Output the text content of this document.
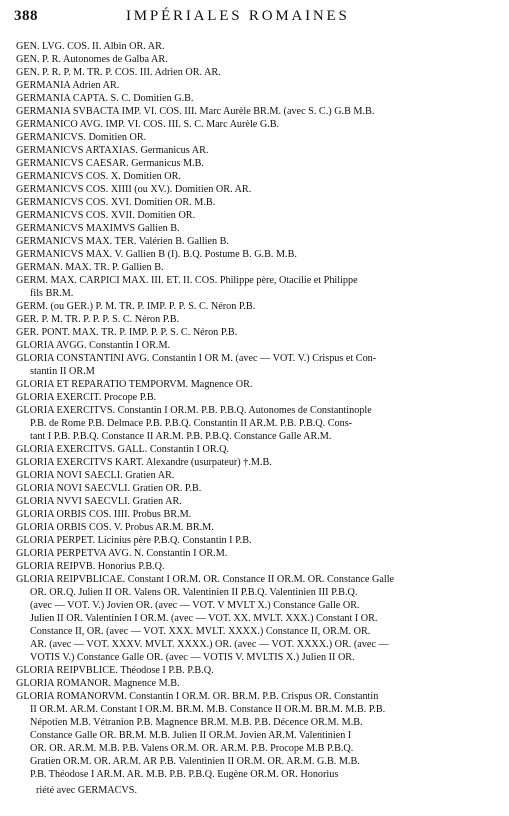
388	IMPÉRIALES ROMAINES
GEN. LVG. COS. II. Albin OR. AR.
GEN. P. R. Autonomes de Galba AR.
GEN. P. R. P. M. TR. P. COS. III. Adrien OR. AR.
GERMANIA Adrien AR.
GERMANIA CAPTA. S. C. Domitien G.B.
GERMANIA SVBACTA IMP. VI. COS. III. Marc Aurèle BR.M. (avec S. C.) G.B M.B.
GERMANICO AVG. IMP. VI. COS. III. S. C. Marc Aurèle G.B.
GERMANICVS. Domitien OR.
GERMANICVS ARTAXIAS. Germanicus AR.
GERMANICVS CAESAR. Germanicus M.B.
GERMANICVS COS. X. Domitien OR.
GERMANICVS COS. XIIII (ou XV.). Domitien OR. AR.
GERMANICVS COS. XVI. Domitien OR. M.B.
GERMANICVS COS. XVII. Domitien OR.
GERMANICVS MAXIMVS Gallien B.
GERMANICVS MAX. TER. Valérien B. Gallien B.
GERMANICVS MAX. V. Gallien B (I). B.Q. Postume B. G.B. M.B.
GERMAN. MAX. TR. P. Gallien B.
GERM. MAX. CARPICI MAX. III. ET. II. COS. Philippe père, Otacilie et Philippe
fils BR.M.
GERM. (ou GER.) P. M. TR. P. IMP. P. P. S. C. Néron P.B.
GER. P. M. TR. P. P. P. S. C. Néron P.B.
GER. PONT. MAX. TR. P. IMP. P. P. S. C. Néron P.B.
GLORIA AVGG. Constantin I OR.M.
GLORIA CONSTANTINI AVG. Constantin I OR M. (avec — VOT. V.) Crispus et Con-
stantin II OR.M
GLORIA ET REPARATIO TEMPORVM. Magnence OR.
GLORIA EXERCIT. Procope P.B.
GLORIA EXERCITVS. Constantin I OR.M. P.B. P.B.Q. Autonomes de Constantinople
P.B. de Rome P.B. Delmace P.B. P.B.Q. Constantin II AR.M. P.B. P.B.Q. Cons-
tant I P.B. P.B.Q. Constance II AR.M. P.B. P.B.Q. Constance Galle AR.M.
GLORIA EXERCITVS. GALL. Constantin I OR.Q.
GLORIA EXERCITVS KART. Alexandre (usurpateur) †.M.B.
GLORIA NOVI SAECLI. Gratien AR.
GLORIA NOVI SAECVLI. Gratien OR. P.B.
GLORIA NVVI SAECVLI. Gratien AR.
GLORIA ORBIS COS. IIII. Probus BR.M.
GLORIA ORBIS COS. V. Probus AR.M. BR.M.
GLORIA PERPET. Licinius père P.B.Q. Constantin I P.B.
GLORIA PERPETVA AVG. N. Constantin I OR.M.
GLORIA REIPVB. Honorius P.B.Q.
GLORIA REIPVBLICAE. Constant I OR.M. OR. Constance II OR.M. OR. Constance Galle
OR. OR.Q. Julien II OR. Valens OR. Valentinien II P.B.Q. Valentinien III P.B.Q.
(avec — VOT. V.) Jovien OR. (avec — VOT. V MVLT X.) Constance Galle OR.
Julien II OR. Valentinien I OR.M. (avec — VOT. XX. MVLT. XXX.) Constant I OR.
Constance II, OR. (avec — VOT. XXX. MVLT. XXXX.) Constance II, OR.M. OR.
AR. (avec — VOT. XXXV. MVLT. XXXX.) OR. (avec — VOT. XXXX.) OR. (avec —
VOTIS V.) Constance Galle OR. (avec — VOTIS V. MVLTIS X.) Julien II OR.
GLORIA REIPVBLICE. Théodose I P.B. P.B.Q.
GLORIA ROMANOR. Magnence M.B.
GLORIA ROMANORVM. Constantin I OR.M. OR. BR.M. P.B. Crispus OR. Constantin
II OR.M. AR.M. Constant I OR.M. BR.M. M.B. Constance II OR.M. BR.M. M.B. P.B.
Népotien M.B. Vétranion P.B. Magnence BR.M. M.B. P.B. Décence OR.M. M.B.
Constance Galle OR. BR.M. M.B. Julien II OR.M. Jovien AR.M. Valentinien I
OR. OR. AR.M. M.B. P.B. Valens OR.M. OR. AR.M. P.B. Procope M.B P.B.Q.
Gratien OR.M. OR. AR.M. AR P.B. Valentinien II OR.M. OR. AR.M. G.B. M.B.
P.B. Théodose I AR.M. AR. M.B. P.B. P.B.Q. Eugène OR.M. OR. Honorius
riété avec GERMACVS.
